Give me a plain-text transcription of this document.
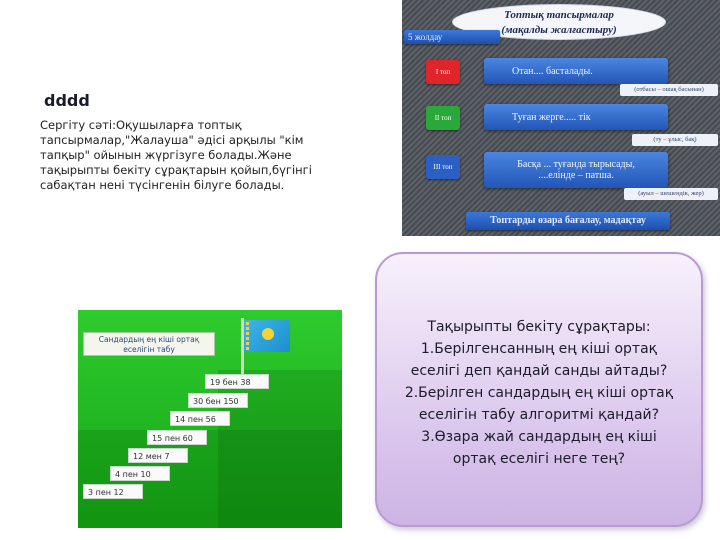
dddd
Сергіту сәті:Оқушыларға топтық тапсырмалар,"Жалауша" әдісі арқылы "кім тапқыр" ойынын жүргізуге болады.Және тақырыпты бекіту сұрақтарын қойып,бүгінгі сабақтан нені түсінгенін білуге болады.
Топтық тапсырмалар
(мақалды жалғастыру)
5 жолдау
І топ	Отан.... басталады.
(отбасы – ошақ басынан)
ІІ топ	Туған жерге..... тік
(ту – ұлыс, бақ)
ІІІ топ	Басқа ... туғанда тырысады,
....елінде – патша.
(ауыл – шешендік, жер)
Топтарды өзара бағалау, мадақтау
Сандардың ең кіші ортақ еселігін табу
19 бен 38
30 бен 150
14 пен 56
15 пен 60
12 мен 7
4 пен 10
3 пен 12
Тақырыпты бекіту сұрақтары:
1.Берілгенсанның ең кіші ортақ
еселігі деп қандай санды айтады?
2.Берілген сандардың ең кіші ортақ
еселігін табу алгоритмі қандай?
3.Өзара жай сандардың ең кіші
ортақ еселігі неге тең?
